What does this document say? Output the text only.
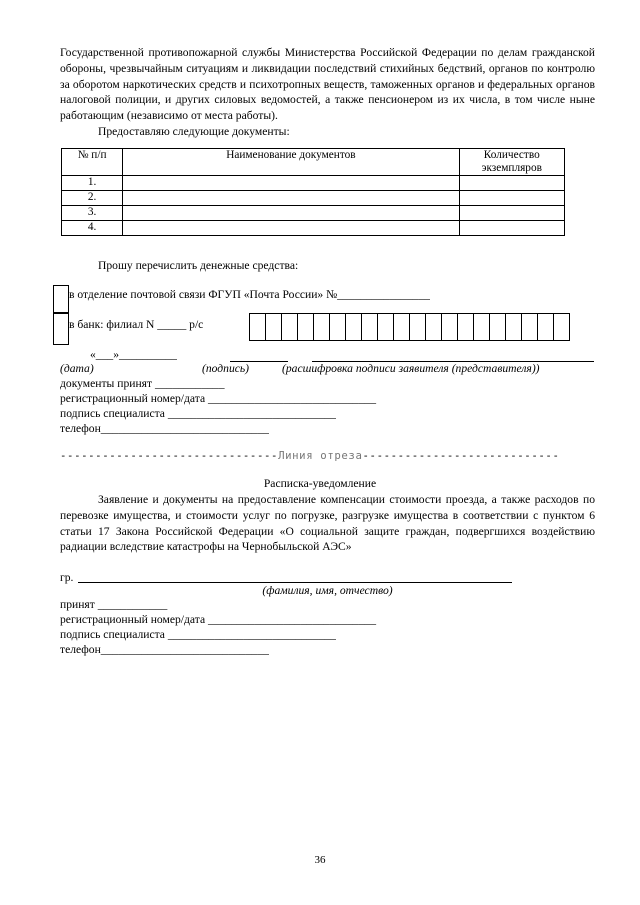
Государственной противопожарной службы Министерства Российской Федерации по делам гражданской обороны, чрезвычайным ситуациям и ликвидации последствий стихийных бедствий, органов по контролю за оборотом наркотических средств и психотропных веществ, таможенных органов и федеральных органов налоговой полиции, и других силовых ведомостей, а также пенсионером из их числа, в том числе ныне работающим (независимо от места работы).

Предоставляю следующие документы:
№ п/п	Наименование документов	Количество экземпляров
1.		
2.		
3.		
4.		
Прошу перечислить денежные средства:
в отделение почтовой связи ФГУП «Почта России» №________________
в банк: филиал N _____ р/с
«___»__________
(дата)	(подпись)	(расшифровка подписи заявителя (представителя))
документы принят ____________
регистрационный номер/дата _____________________________
подпись специалиста _____________________________
телефон_____________________________
-------------------------------Линия отреза----------------------------
Расписка-уведомление

Заявление и документы на предоставление компенсации стоимости проезда, а также расходов по перевозке имущества, и стоимости услуг по погрузке, разгрузке имущества в соответствии с пунктом 6 статьи 17 Закона Российской Федерации «О социальной защите граждан, подвергшихся воздействию радиации вследствие катастрофы на Чернобыльской АЭС»

гр.
(фамилия, имя, отчество)
принят ____________
регистрационный номер/дата _____________________________
подпись специалиста _____________________________
телефон_____________________________
36
